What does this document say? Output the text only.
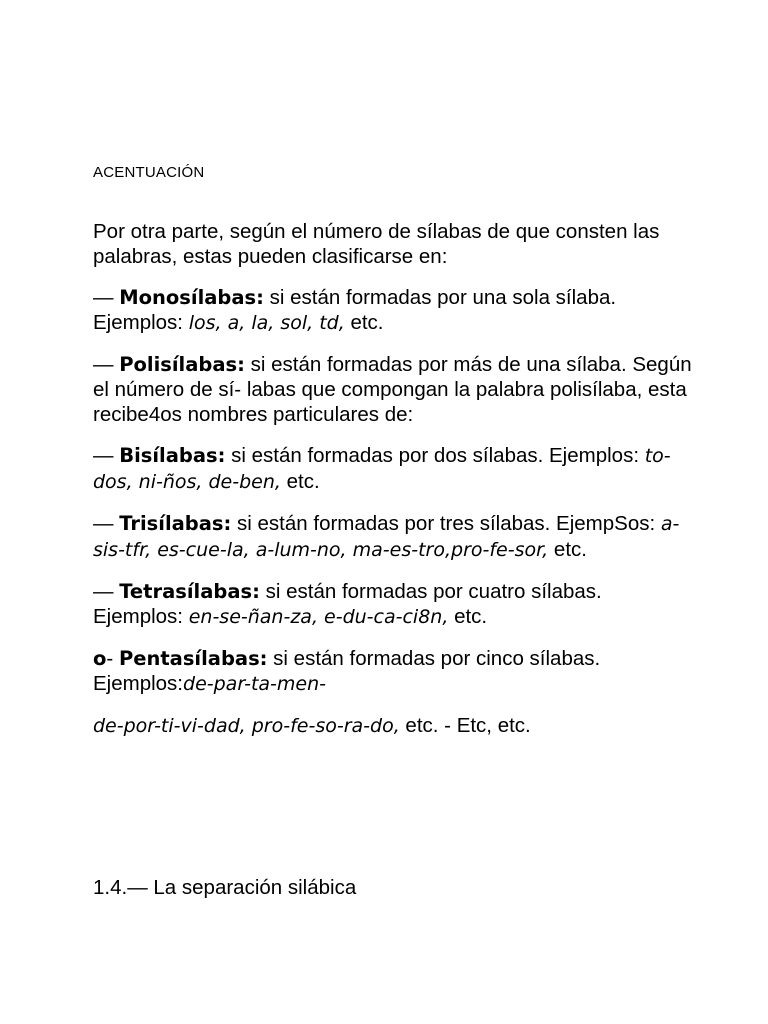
ACENTUACIÓN

Por otra parte, según el número de sílabas de que consten las palabras, estas pueden clasificarse en:

— Monosílabas: si están formadas por una sola sílaba. Ejemplos: los, a, la, sol, td, etc.

— Polisílabas: si están formadas por más de una sílaba. Según el número de sí- labas que compongan la palabra polisílaba, esta recibe4os nombres particulares de:

— Bisílabas: si están formadas por dos sílabas. Ejemplos: to-dos, ni-ños, de-ben, etc.

— Trisílabas: si están formadas por tres sílabas. EjempSos: a-sis-tfr, es-cue-la, a-lum-no, ma-es-tro,pro-fe-sor, etc.

— Tetrasílabas: si están formadas por cuatro sílabas. Ejemplos: en-se-ñan-za, e-du-ca-ci8n, etc.

o- Pentasílabas: si están formadas por cinco sílabas. Ejemplos:de-par-ta-men-

de-por-ti-vi-dad, pro-fe-so-ra-do, etc. - Etc, etc.

1.4.— La separación silábica
